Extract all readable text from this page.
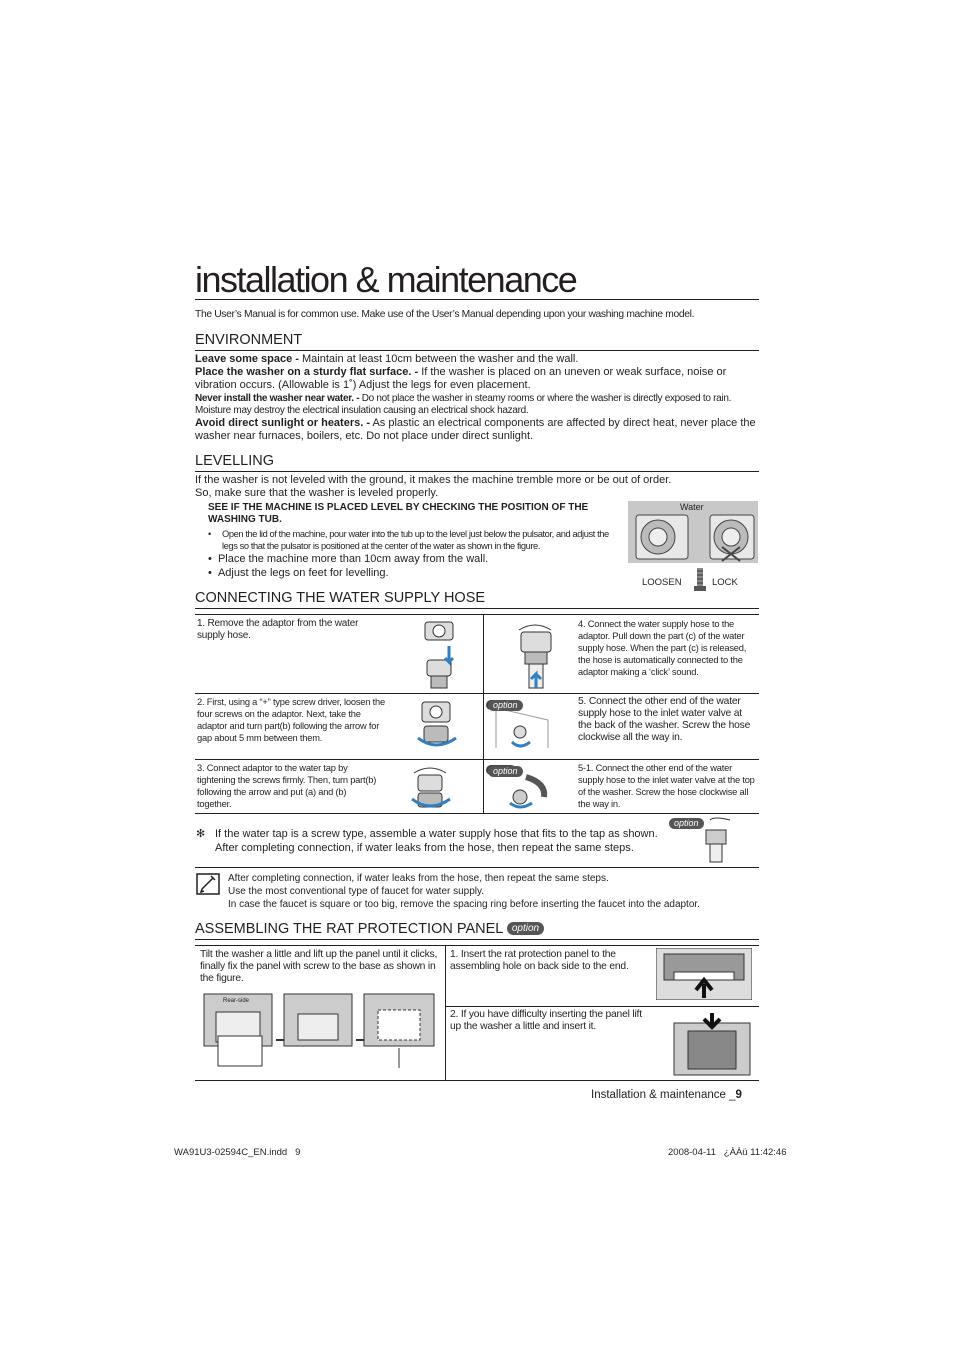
installation & maintenance
The User’s Manual is for common use. Make use of the User’s Manual depending upon your washing machine model.
ENVIRONMENT
Leave some space - Maintain at least 10cm between the washer and the wall.
Place the washer on a sturdy flat surface. - If the washer is placed on an uneven or weak surface, noise or vibration occurs. (Allowable is 1˚) Adjust the legs for even placement.
Never install the washer near water. - Do not place the washer in steamy rooms or where the washer is directly exposed to rain. Moisture may destroy the electrical insulation causing an electrical shock hazard.
Avoid direct sunlight or heaters. - As plastic an electrical components are affected by direct heat, never place the washer near furnaces, boilers, etc. Do not place under direct sunlight.
LEVELLING
If the washer is not leveled with the ground, it makes the machine tremble more or be out of order.
So, make sure that the washer is leveled properly.
SEE IF THE MACHINE IS PLACED LEVEL BY CHECKING THE POSITION OF THE WASHING TUB.
• Open the lid of the machine, pour water into the tub up to the level just below the pulsator, and adjust the legs so that the pulsator is positioned at the center of the water as shown in the figure.
•  Place the machine more than 10cm away from the wall.
•  Adjust the legs on feet for levelling.
Water
LOOSEN	LOCK
CONNECTING THE WATER SUPPLY HOSE
1. Remove the adaptor from the water supply hose.
2. First, using a “+” type screw driver, loosen the four screws on the adaptor. Next, take the adaptor and turn part(b) following the arrow for gap about 5 mm between them.
3. Connect adaptor to the water tap by tightening the screws firmly. Then, turn part(b) following the arrow and put (a) and (b) together.
4. Connect the water supply hose to the adaptor. Pull down the part (c) of the water supply hose. When the part (c) is released, the hose is automatically connected to the adaptor making a ‘click’ sound.
5. Connect the other end of the water supply hose to the inlet water valve at the back of the washer. Screw the hose clockwise all the way in.
5-1. Connect the other end of the water supply hose to the inlet water valve at the top of the washer. Screw the hose clockwise all the way in.
option
option
✻ If the water tap is a screw type, assemble a water supply hose that fits to the tap as shown.
After completing connection, if water leaks from the hose, then repeat the same steps.
option
After completing connection, if water leaks from the hose, then repeat the same steps.
Use the most conventional type of faucet for water supply.
In case the faucet is square or too big, remove the spacing ring before inserting the faucet into the adaptor.
ASSEMBLING THE RAT PROTECTION PANEL option
Tilt the washer a little and lift up the panel until it clicks, finally fix the panel with screw to the base as shown in the figure.
1. Insert the rat protection panel to the assembling hole on back side to the end.
2. If you have difficulty inserting the panel lift up the washer a little and insert it.
Rear-side
Installation & maintenance _9
WA91U3-02594C_EN.indd   9	2008-04-11   ¿ÀÀü 11:42:46
